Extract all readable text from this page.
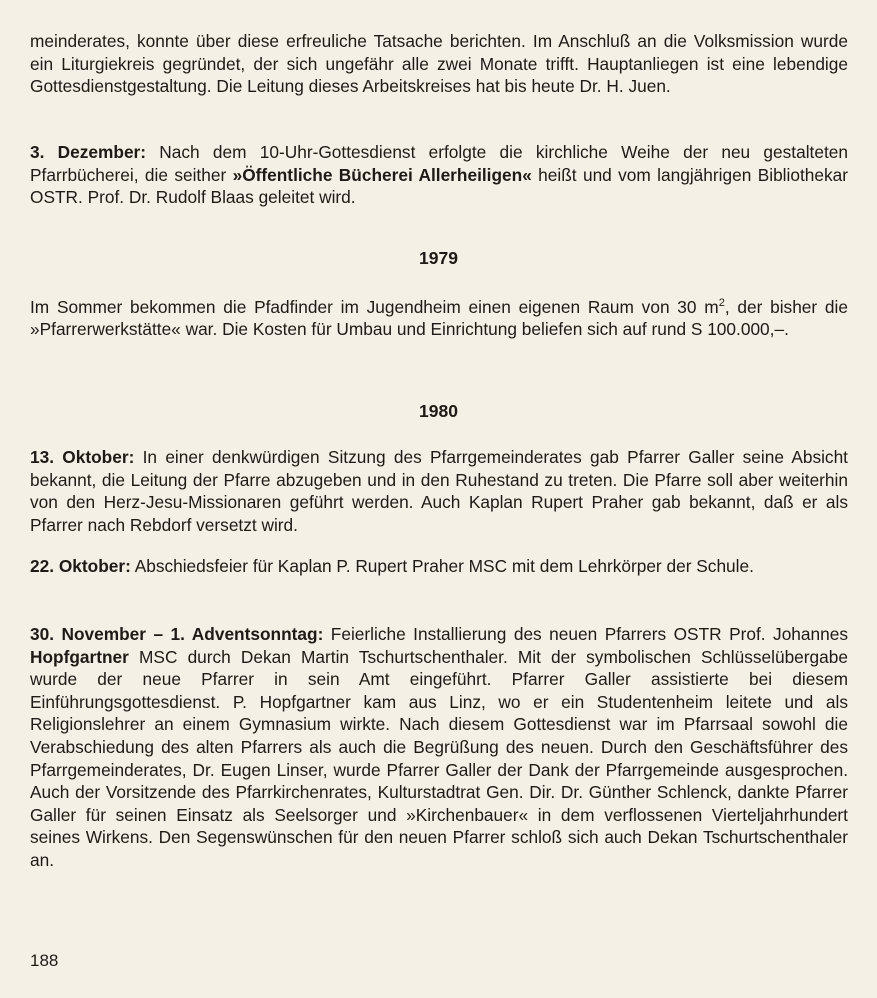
meinderates, konnte über diese erfreuliche Tatsache berichten. Im Anschluß an die Volksmission wurde ein Liturgiekreis gegründet, der sich ungefähr alle zwei Monate trifft. Hauptanliegen ist eine lebendige Gottesdienstgestaltung. Die Leitung dieses Arbeitskreises hat bis heute Dr. H. Juen.

3. Dezember: Nach dem 10-Uhr-Gottesdienst erfolgte die kirchliche Weihe der neu gestalteten Pfarrbücherei, die seither »Öffentliche Bücherei Allerheiligen« heißt und vom langjährigen Bibliothekar OSTR. Prof. Dr. Rudolf Blaas geleitet wird.

1979

Im Sommer bekommen die Pfadfinder im Jugendheim einen eigenen Raum von 30 $m^2$, der bisher die »Pfarrerwerkstätte« war. Die Kosten für Umbau und Einrichtung beliefen sich auf rund S 100.000,–.

1980

13. Oktober: In einer denkwürdigen Sitzung des Pfarrgemeinderates gab Pfarrer Galler seine Absicht bekannt, die Leitung der Pfarre abzugeben und in den Ruhestand zu treten. Die Pfarre soll aber weiterhin von den Herz-Jesu-Missionaren geführt werden. Auch Kaplan Rupert Praher gab bekannt, daß er als Pfarrer nach Rebdorf versetzt wird.

22. Oktober: Abschiedsfeier für Kaplan P. Rupert Praher MSC mit dem Lehrkörper der Schule.

30. November – 1. Adventsonntag: Feierliche Installierung des neuen Pfarrers OSTR Prof. Johannes Hopfgartner MSC durch Dekan Martin Tschurtschenthaler. Mit der symbolischen Schlüsselübergabe wurde der neue Pfarrer in sein Amt eingeführt. Pfarrer Galler assistierte bei diesem Einführungsgottesdienst. P. Hopfgartner kam aus Linz, wo er ein Studentenheim leitete und als Religionslehrer an einem Gymnasium wirkte. Nach diesem Gottesdienst war im Pfarrsaal sowohl die Verabschiedung des alten Pfarrers als auch die Begrüßung des neuen. Durch den Geschäftsführer des Pfarrgemeinderates, Dr. Eugen Linser, wurde Pfarrer Galler der Dank der Pfarrgemeinde ausgesprochen. Auch der Vorsitzende des Pfarrkirchenrates, Kulturstadtrat Gen. Dir. Dr. Günther Schlenck, dankte Pfarrer Galler für seinen Einsatz als Seelsorger und »Kirchenbauer« in dem verflossenen Vierteljahrhundert seines Wirkens. Den Segenswünschen für den neuen Pfarrer schloß sich auch Dekan Tschurtschenthaler an.

188
